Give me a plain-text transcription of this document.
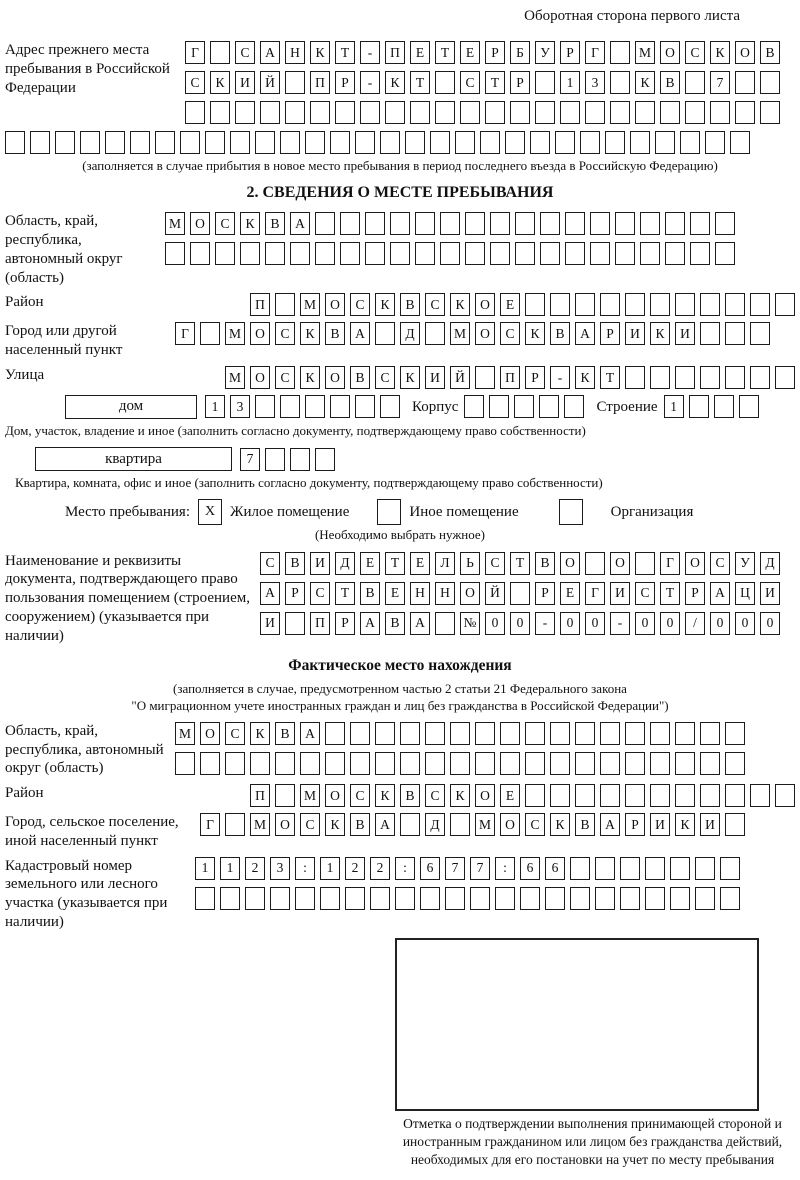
Оборотная сторона первого листа
Адрес прежнего места пребывания в Российской Федерации
Г	С	А	Н	К	Т	-	П	Е	Т	Е	Р	Б	У	Р	Г	М	О	С	К	О	В
С	К	И	Й	П	Р	-	К	Т	С	Т	Р	1	3	К	В	7
(заполняется в случае прибытия в новое место пребывания в период последнего въезда в Российскую Федерацию)
2. СВЕДЕНИЯ О МЕСТЕ ПРЕБЫВАНИЯ
Область, край, республика, автономный округ (область)
М	О	С	К	В	А
Район	П	М	О	С	К	В	С	К	О	Е
Город или другой населенный пункт
Г	М	О	С	К	В	А	Д	М	О	С	К	В	А	Р	И	К	И
Улица	М	О	С	К	О	В	С	К	И	Й	П	Р	-	К	Т
дом	1	3	Корпус	Строение 1
Дом, участок, владение и иное (заполнить согласно документу, подтверждающему право собственности)
квартира	7
Квартира, комната, офис и иное (заполнить согласно документу, подтверждающему право собственности)
Место пребывания:	X Жилое помещение	Иное помещение	Организация
(Необходимо выбрать нужное)
Наименование и реквизиты документа, подтверждающего право пользования помещением (строением, сооружением) (указывается при наличии)
С	В	И	Д	Е	Т	Е	Л	Ь	С	Т	В	О	О	Г	О	С	У	Д
А	Р	С	Т	В	Е	Н	Н	О	Й	Р	Е	Г	И	С	Т	Р	А	Ц	И
И	П	Р	А	В	А	№	0	0	-	0	0	-	0	0	/	0	0	0
Фактическое место нахождения
(заполняется в случае, предусмотренном частью 2 статьи 21 Федерального закона
"О миграционном учете иностранных граждан и лиц без гражданства в Российской Федерации")
Область, край, республика, автономный округ (область)
М	О	С	К	В	А
Район	П	М	О	С	К	В	С	К	О	Е
Город, сельское поселение, иной населенный пункт
Г	М	О	С	К	В	А	Д	М	О	С	К	В	А	Р	И	К	И
Кадастровый номер земельного или лесного участка (указывается при наличии)
1	1	2	3	:	1	2	2	:	6	7	7	:	6	6
Отметка о подтверждении выполнения принимающей стороной и иностранным гражданином или лицом без гражданства действий, необходимых для его постановки на учет по месту пребывания
